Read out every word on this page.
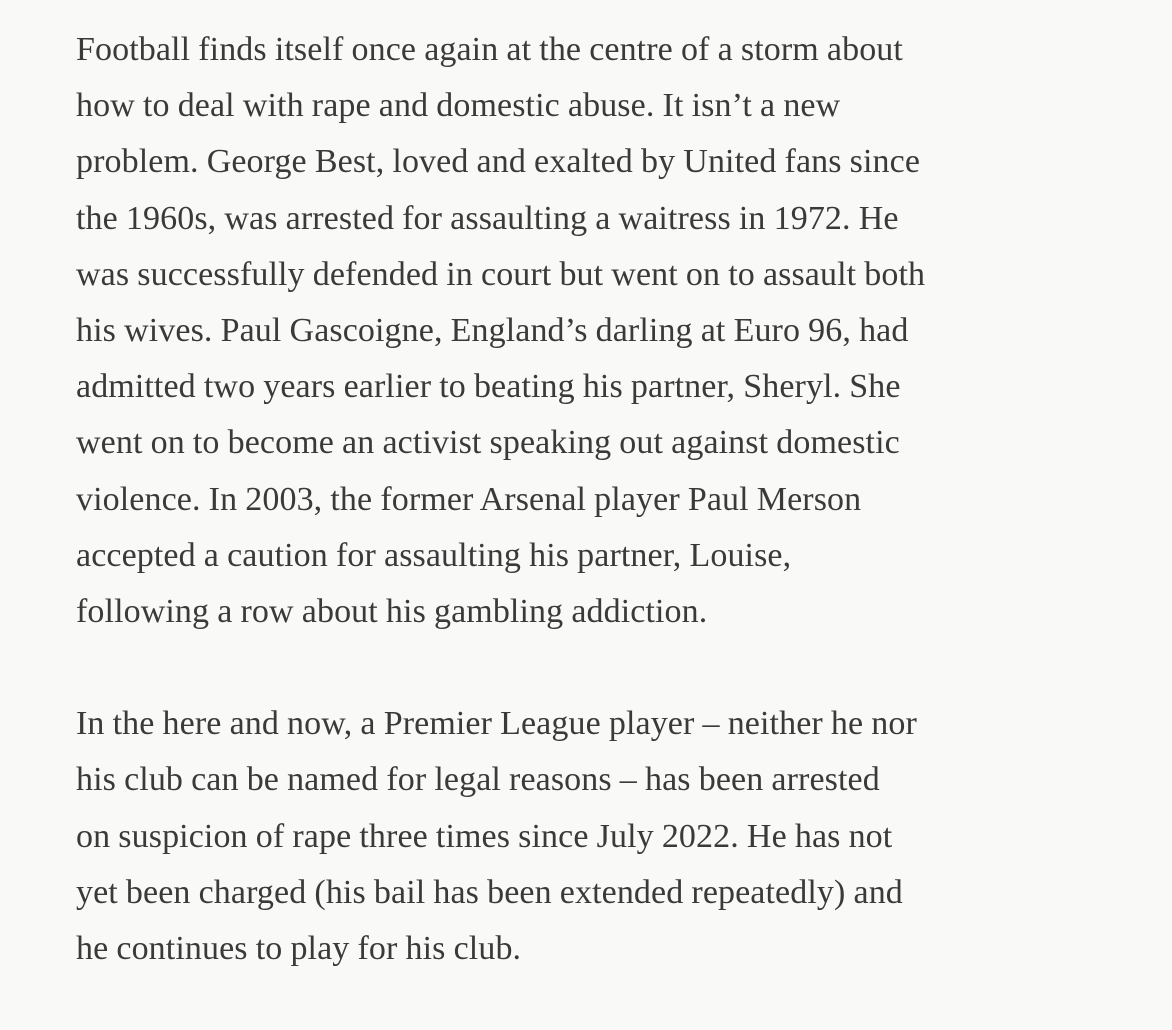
Football finds itself once again at the centre of a storm about
how to deal with rape and domestic abuse. It isn’t a new
problem. George Best, loved and exalted by United fans since
the 1960s, was arrested for assaulting a waitress in 1972. He
was successfully defended in court but went on to assault both
his wives. Paul Gascoigne, England’s darling at Euro 96, had
admitted two years earlier to beating his partner, Sheryl. She
went on to become an activist speaking out against domestic
violence. In 2003, the former Arsenal player Paul Merson
accepted a caution for assaulting his partner, Louise,
following a row about his gambling addiction.

In the here and now, a Premier League player – neither he nor
his club can be named for legal reasons – has been arrested
on suspicion of rape three times since July 2022. He has not
yet been charged (his bail has been extended repeatedly) and
he continues to play for his club.
